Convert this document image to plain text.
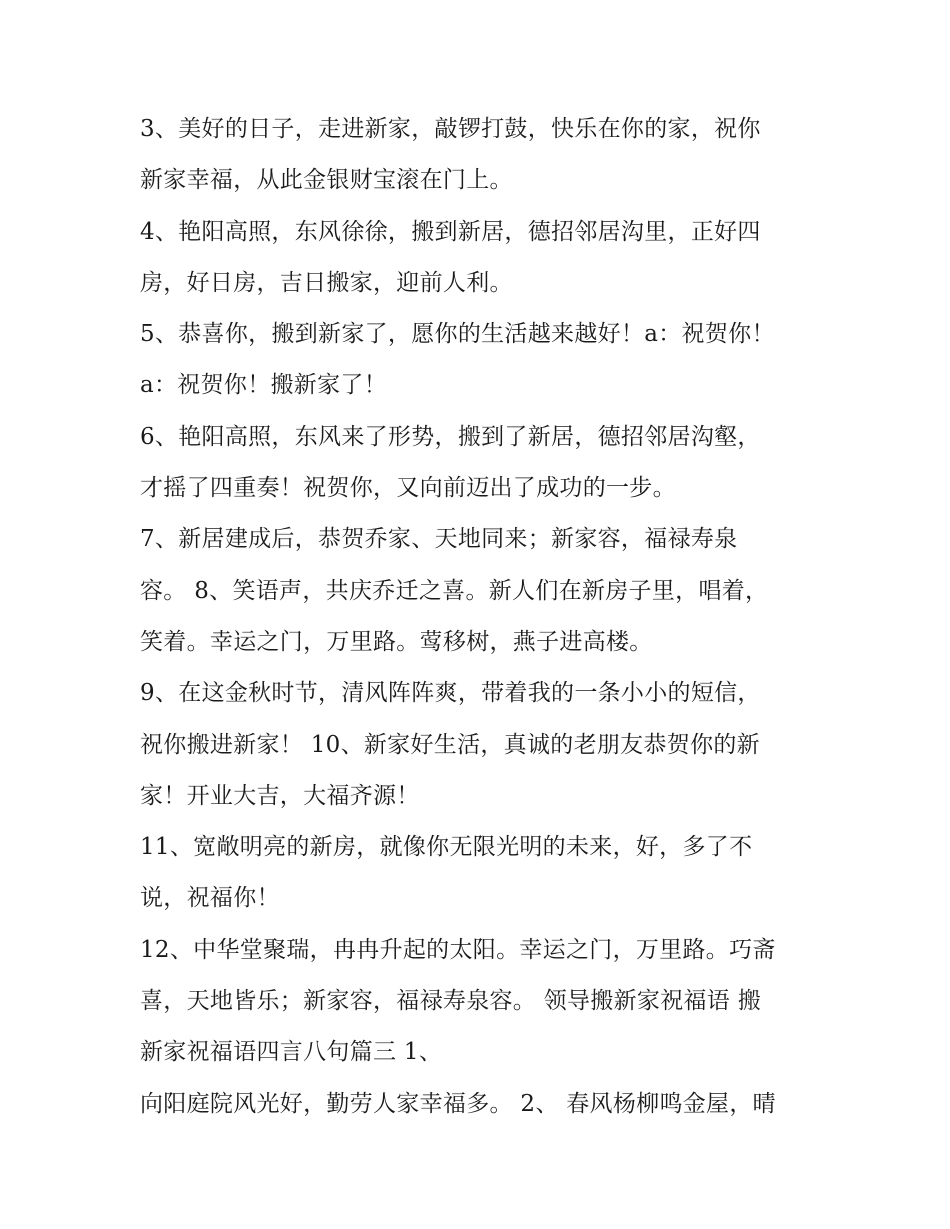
3、美好的日子，走进新家，敲锣打鼓，快乐在你的家，祝你
新家幸福，从此金银财宝滚在门上。
4、艳阳高照，东风徐徐，搬到新居，德招邻居沟里，正好四
房，好日房，吉日搬家，迎前人利。
5、恭喜你，搬到新家了，愿你的生活越来越好！a：祝贺你！
a：祝贺你！搬新家了！
6、艳阳高照，东风来了形势，搬到了新居，德招邻居沟壑，
才摇了四重奏！祝贺你，又向前迈出了成功的一步。
7、新居建成后，恭贺乔家、天地同来；新家容，福禄寿泉
容。 8、笑语声，共庆乔迁之喜。新人们在新房子里，唱着，
笑着。幸运之门，万里路。莺移树，燕子进高楼。
9、在这金秋时节，清风阵阵爽，带着我的一条小小的短信，
祝你搬进新家！ 10、新家好生活，真诚的老朋友恭贺你的新
家！开业大吉，大福齐源！
11、宽敞明亮的新房，就像你无限光明的未来，好，多了不
说，祝福你！
12、中华堂聚瑞，冉冉升起的太阳。幸运之门，万里路。巧斋
喜，天地皆乐；新家容，福禄寿泉容。 领导搬新家祝福语 搬
新家祝福语四言八句篇三 1、
向阳庭院风光好，勤劳人家幸福多。 2、 春风杨柳鸣金屋，晴
